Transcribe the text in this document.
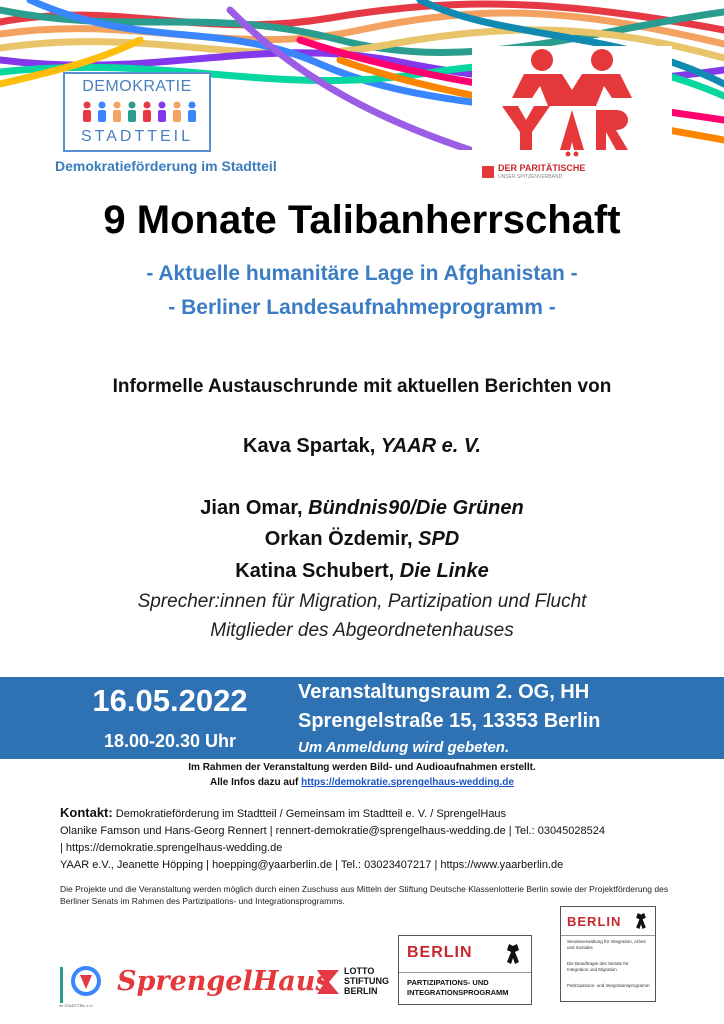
DEMOKRATIE
STADTTEIL
Demokratieförderung im Stadtteil	DER PARITÄTISCHE
UNSER SPITZENVERBAND
9 Monate Talibanherrschaft
- Aktuelle humanitäre Lage in Afghanistan -
- Berliner Landesaufnahmeprogramm -
Informelle Austauschrunde mit aktuellen Berichten von
Kava Spartak, YAAR e. V.
Jian Omar, Bündnis90/Die Grünen
Orkan Özdemir, SPD
Katina Schubert, Die Linke
Sprecher:innen für Migration, Partizipation und Flucht
Mitglieder des Abgeordnetenhauses
16.05.2022
18.00-20.30 Uhr
Veranstaltungsraum 2. OG, HH
Sprengelstraße 15, 13353 Berlin
Um Anmeldung wird gebeten.
Im Rahmen der Veranstaltung werden Bild- und Audioaufnahmen erstellt.
Alle Infos dazu auf https://demokratie.sprengelhaus-wedding.de
Kontakt: Demokratieförderung im Stadtteil / Gemeinsam im Stadtteil e. V. / SprengelHaus
Olanike Famson und Hans-Georg Rennert | rennert-demokratie@sprengelhaus-wedding.de | Tel.: 03045028524
| https://demokratie.sprengelhaus-wedding.de
YAAR e.V., Jeanette Höpping | hoepping@yaarberlin.de | Tel.: 03023407217 | https://www.yaarberlin.de
Die Projekte und die Veranstaltung werden möglich durch einen Zuschuss aus Mitteln der Stiftung Deutsche Klassenlotterie Berlin sowie der Projektförderung des Berliner Senats im Rahmen des Partizipations- und Integrationsprogramms.
im STADTTEIL e.V.
SprengelHaus LOTTO
STIFTUNG
BERLIN
BERLIN
PARTIZIPATIONS- UND INTEGRATIONSPROGRAMM
BERLIN
Senatsverwaltung für Integration, Arbeit und Soziales
Die Beauftragte des Senats für Integration und Migration
Partizipations- und Integrationsprogramm
